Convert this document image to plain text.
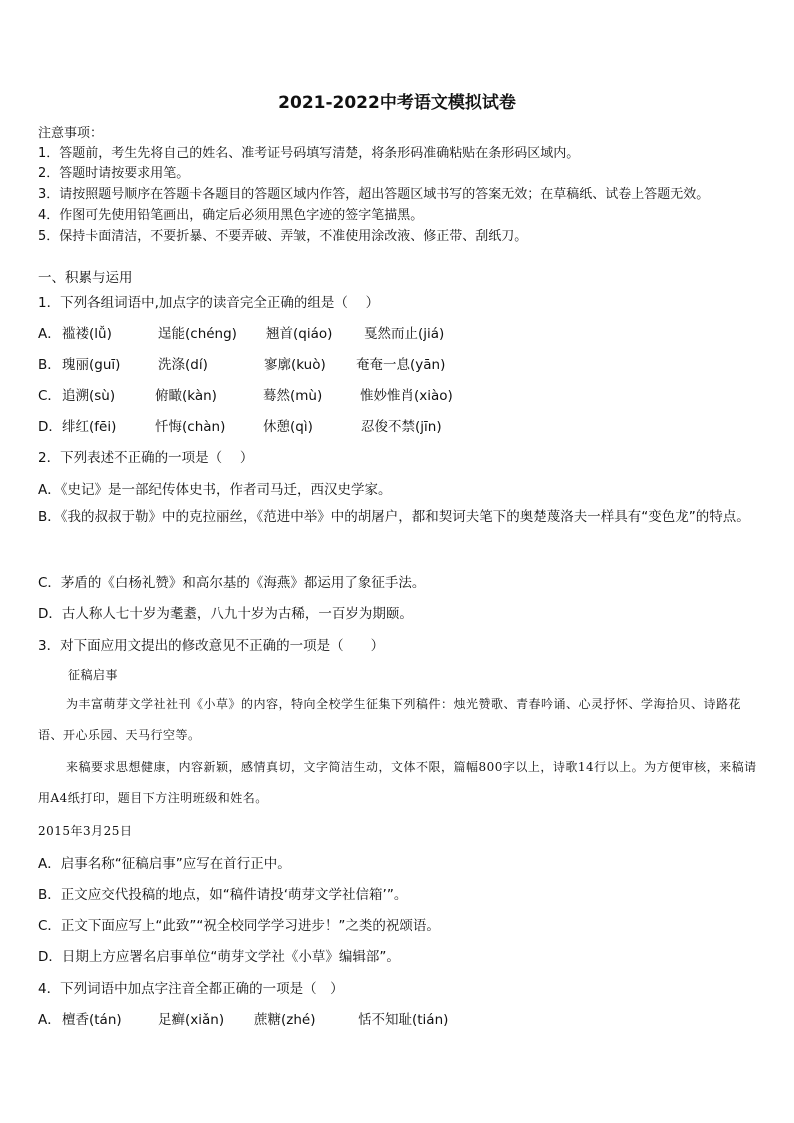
2021-2022中考语文模拟试卷
注意事项：
1．答题前，考生先将自己的姓名、准考证号码填写清楚，将条形码准确粘贴在条形码区域内。
2．答题时请按要求用笔。
3．请按照题号顺序在答题卡各题目的答题区域内作答，超出答题区域书写的答案无效；在草稿纸、试卷上答题无效。
4．作图可先使用铅笔画出，确定后必须用黑色字迹的签字笔描黑。
5．保持卡面清洁，不要折暴、不要弄破、弄皱，不准使用涂改液、修正带、刮纸刀。
一、积累与运用
1．下列各组词语中,加点字的读音完全正确的组是（　 ）
A． 褴褛(lǚ)	逞能(chéng) 翘首(qiáo) 戛然而止(jiá)
B． 瑰丽(guī)	洗涤(dí)	寥廓(kuò) 奄奄一息(yān)
C． 追溯(sù)	俯瞰(kàn)	蓦然(mù)	惟妙惟肖(xiào)
D． 绯红(fēi)	忏悔(chàn)	休憩(qì)	忍俊不禁(jīn)
2．下列表述不正确的一项是（　 ）
A．《史记》是一部纪传体史书，作者司马迁，西汉史学家。
B．《我的叔叔于勒》中的克拉丽丝，《范进中举》中的胡屠户，都和契诃夫笔下的奥楚蔑洛夫一样具有“变色龙”的特点。
C．茅盾的《白杨礼赞》和高尔基的《海燕》都运用了象征手法。
D．古人称人七十岁为耄耋，八九十岁为古稀，一百岁为期颐。
3．对下面应用文提出的修改意见不正确的一项是（　　）
征稿启事
为丰富萌芽文学社社刊《小草》的内容，特向全校学生征集下列稿件：烛光赞歌、青春吟诵、心灵抒怀、学海拾贝、诗路花语、开心乐园、天马行空等。
来稿要求思想健康，内容新颖，感情真切，文字简洁生动，文体不限，篇幅800字以上，诗歌14行以上。为方便审核，来稿请用A4纸打印，题目下方注明班级和姓名。
2015年3月25日
A．启事名称“征稿启事”应写在首行正中。
B．正文应交代投稿的地点，如“稿件请投‘萌芽文学社信箱’”。
C．正文下面应写上“此致”“祝全校同学学习进步！”之类的祝颂语。
D．日期上方应署名启事单位“萌芽文学社《小草》编辑部”。
4．下列词语中加点字注音全都正确的一项是（　）
A． 檀香(tán)	足癣(xiǎn) 蔗糖(zhé)	恬不知耻(tián)
